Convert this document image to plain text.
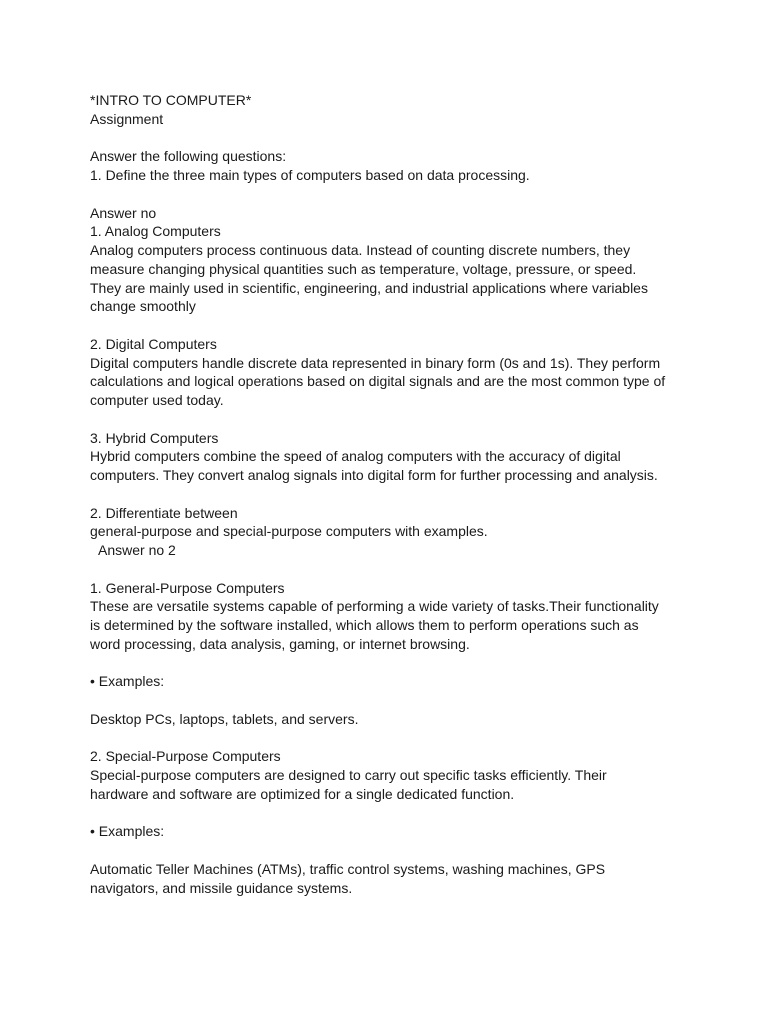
*INTRO TO COMPUTER*
Assignment
Answer the following questions:
1. Define the three main types of computers based on data processing.
Answer no
1. Analog Computers
Analog computers process continuous data. Instead of counting discrete numbers, they
measure changing physical quantities such as temperature, voltage, pressure, or speed.
They are mainly used in scientific, engineering, and industrial applications where variables
change smoothly
2. Digital Computers
Digital computers handle discrete data represented in binary form (0s and 1s). They perform
calculations and logical operations based on digital signals and are the most common type of
computer used today.
3. Hybrid Computers
Hybrid computers combine the speed of analog computers with the accuracy of digital
computers. They convert analog signals into digital form for further processing and analysis.
2. Differentiate between
general-purpose and special-purpose computers with examples.
Answer no 2
1. General-Purpose Computers
These are versatile systems capable of performing a wide variety of tasks.Their functionality
is determined by the software installed, which allows them to perform operations such as
word processing, data analysis, gaming, or internet browsing.
• Examples:
Desktop PCs, laptops, tablets, and servers.
2. Special-Purpose Computers
Special-purpose computers are designed to carry out specific tasks efficiently. Their
hardware and software are optimized for a single dedicated function.
• Examples:
Automatic Teller Machines (ATMs), traffic control systems, washing machines, GPS
navigators, and missile guidance systems.
